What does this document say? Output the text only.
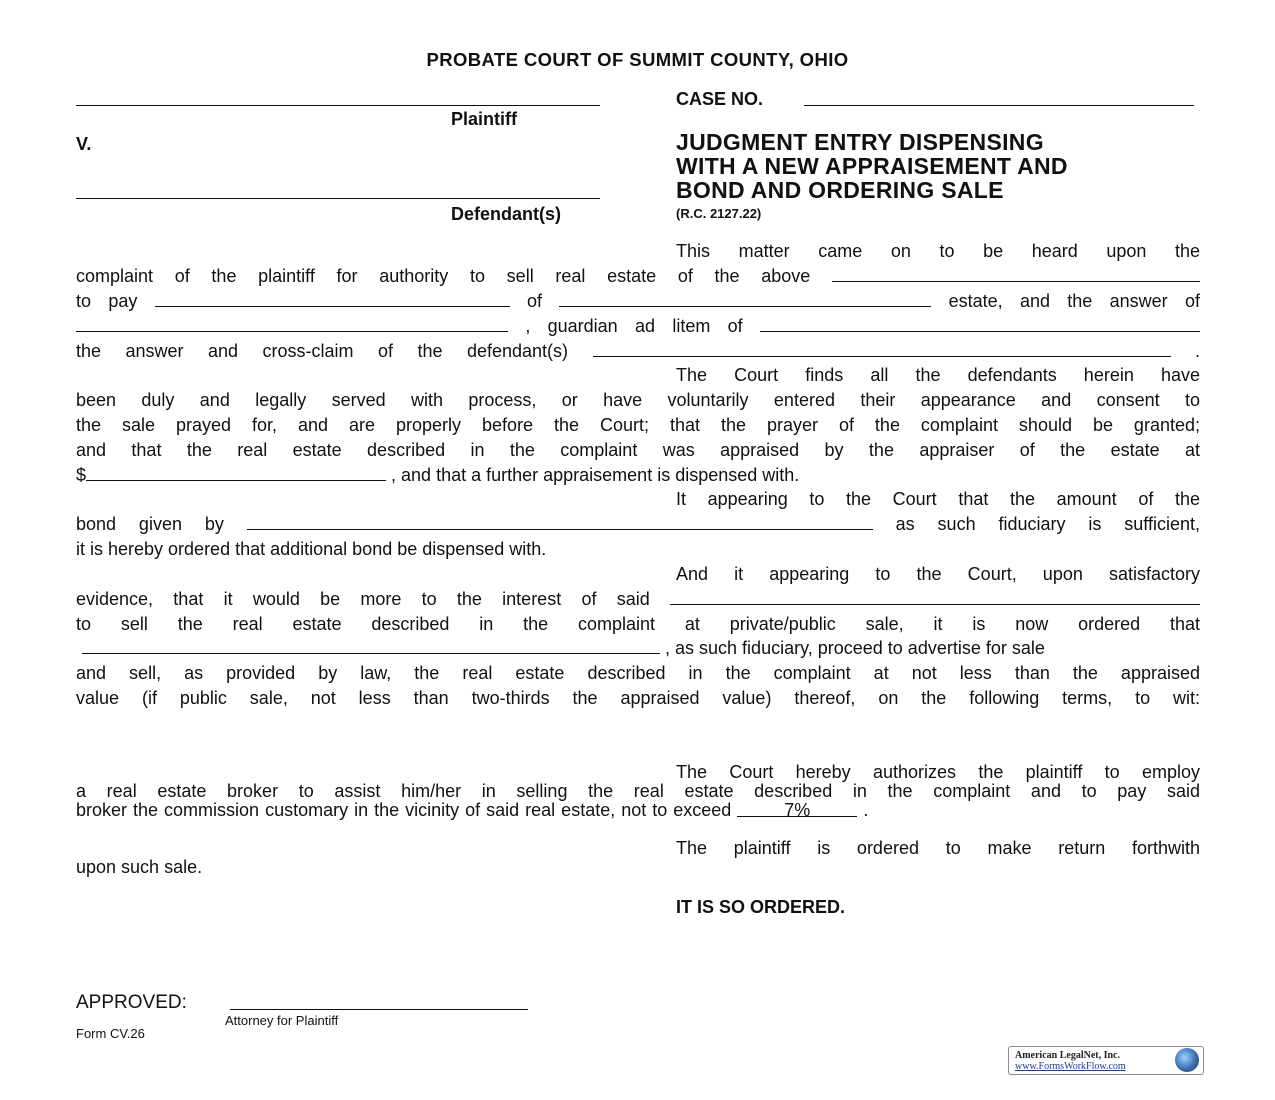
PROBATE COURT OF SUMMIT COUNTY, OHIO
Plaintiff
V.
Defendant(s)
CASE NO.
JUDGMENT ENTRY DISPENSING
WITH A NEW APPRAISEMENT AND
BOND AND ORDERING SALE
(R.C. 2127.22)
This matter came on to be heard upon the
complaint of the plaintiff for authority to sell real estate of the above
to pay	of	estate, and the answer of
, guardian ad litem of
the answer and cross-claim of the defendant(s)	.
The Court finds all the defendants herein have
been duly and legally served with process, or have voluntarily entered their appearance and consent to
the sale prayed for, and are properly before the Court; that the prayer of the complaint should be granted;
and that the real estate described in the complaint was appraised by the appraiser of the estate at
$	, and that a further appraisement is dispensed with.
It appearing to the Court that the amount of the
bond given by	as such fiduciary is sufficient,
it is hereby ordered that additional bond be dispensed with.
And it appearing to the Court, upon satisfactory
evidence, that it would be more to the interest of said
to sell the real estate described in the complaint at private/public sale, it is now ordered that
, as such fiduciary, proceed to advertise for sale
and sell, as provided by law, the real estate described in the complaint at not less than the appraised
value (if public sale, not less than two-thirds the appraised value) thereof, on the following terms, to wit:
The Court hereby authorizes the plaintiff to employ
a real estate broker to assist him/her in selling the real estate described in the complaint and to pay said
broker the commission customary in the vicinity of said real estate, not to exceed	7%	.
The plaintiff is ordered to make return forthwith
upon such sale.
IT IS SO ORDERED.
APPROVED:
Attorney for Plaintiff
Form CV.26
American LegalNet, Inc.
www.FormsWorkFlow.com
